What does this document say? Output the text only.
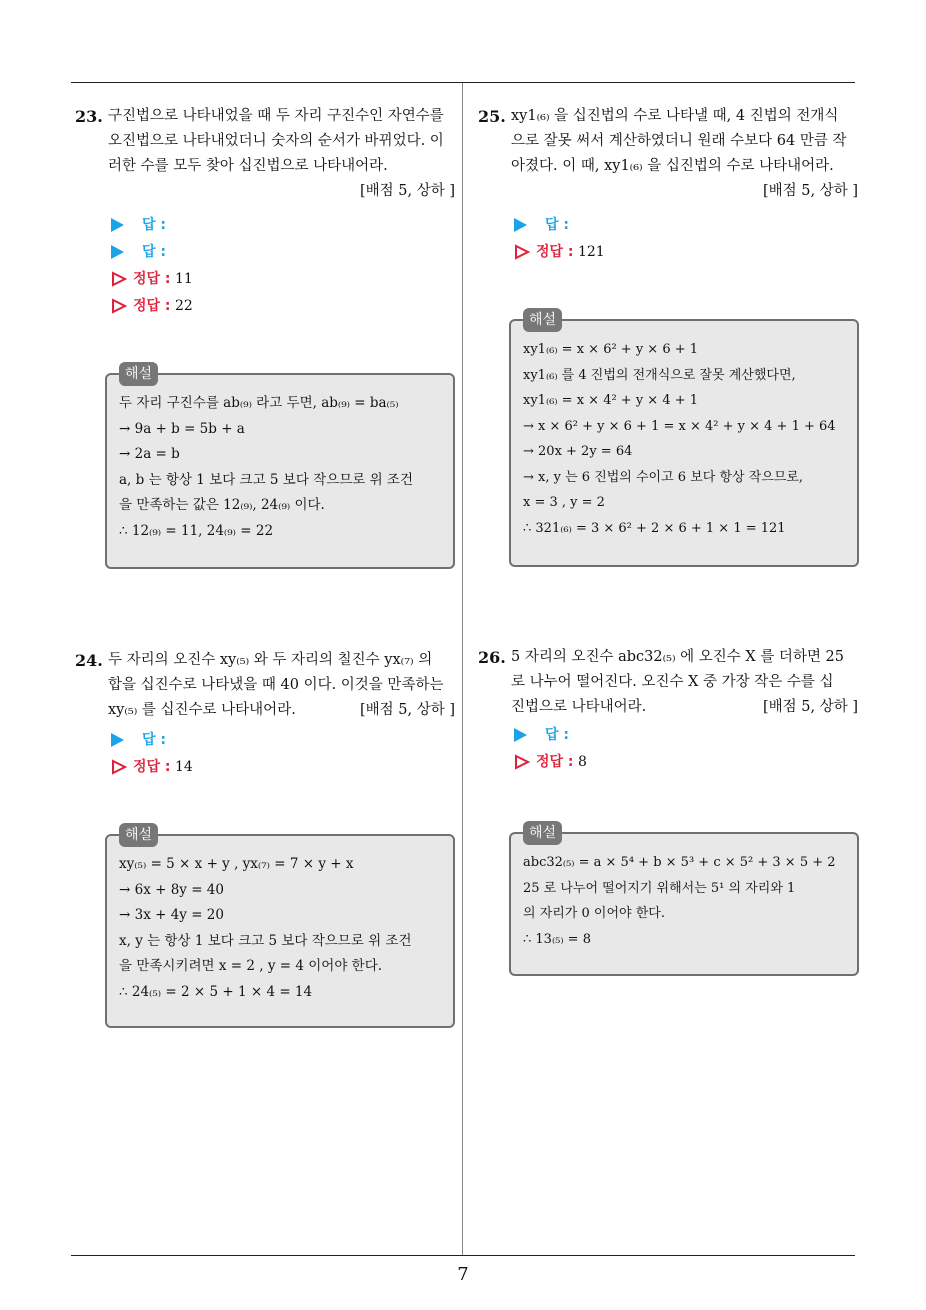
23. 구진법으로 나타내었을 때 두 자리 구진수인 자연수를
오진법으로 나타내었더니 숫자의 순서가 바뀌었다. 이
러한 수를 모두 찾아 십진법으로 나타내어라.
[배점 5, 상하 ]
답 :
답 :
정답 : 11
정답 : 22
해설
두 자리 구진수를 ab₍₉₎ 라고 두면, ab₍₉₎ = ba₍₅₎
→ 9a + b = 5b + a
→ 2a = b
a, b 는 항상 1 보다 크고 5 보다 작으므로 위 조건
을 만족하는 값은 12₍₉₎, 24₍₉₎ 이다.
∴ 12₍₉₎ = 11, 24₍₉₎ = 22
24. 두 자리의 오진수 xy₍₅₎ 와 두 자리의 칠진수 yx₍₇₎ 의
합을 십진수로 나타냈을 때 40 이다. 이것을 만족하는
xy₍₅₎ 를 십진수로 나타내어라.	[배점 5, 상하 ]
답 :
정답 : 14
해설
xy₍₅₎ = 5 × x + y , yx₍₇₎ = 7 × y + x
→ 6x + 8y = 40
→ 3x + 4y = 20
x, y 는 항상 1 보다 크고 5 보다 작으므로 위 조건
을 만족시키려면 x = 2 , y = 4 이어야 한다.
∴ 24₍₅₎ = 2 × 5 + 1 × 4 = 14
25. xy1₍₆₎ 을 십진법의 수로 나타낼 때, 4 진법의 전개식
으로 잘못 써서 계산하였더니 원래 수보다 64 만큼 작
아졌다. 이 때, xy1₍₆₎ 을 십진법의 수로 나타내어라.
[배점 5, 상하 ]
답 :
정답 : 121
해설
xy1₍₆₎ = x × 6² + y × 6 + 1
xy1₍₆₎ 를 4 진법의 전개식으로 잘못 계산했다면,
xy1₍₆₎ = x × 4² + y × 4 + 1
→ x × 6² + y × 6 + 1 = x × 4² + y × 4 + 1 + 64
→ 20x + 2y = 64
→ x, y 는 6 진법의 수이고 6 보다 항상 작으므로,
x = 3 , y = 2
∴ 321₍₆₎ = 3 × 6² + 2 × 6 + 1 × 1 = 121
26. 5 자리의 오진수 abc32₍₅₎ 에 오진수 X 를 더하면 25
로 나누어 떨어진다. 오진수 X 중 가장 작은 수를 십
진법으로 나타내어라.	[배점 5, 상하 ]
답 :
정답 : 8
해설
abc32₍₅₎ = a × 5⁴ + b × 5³ + c × 5² + 3 × 5 + 2
25 로 나누어 떨어지기 위해서는 5¹ 의 자리와 1
의 자리가 0 이어야 한다.
∴ 13₍₅₎ = 8
7
